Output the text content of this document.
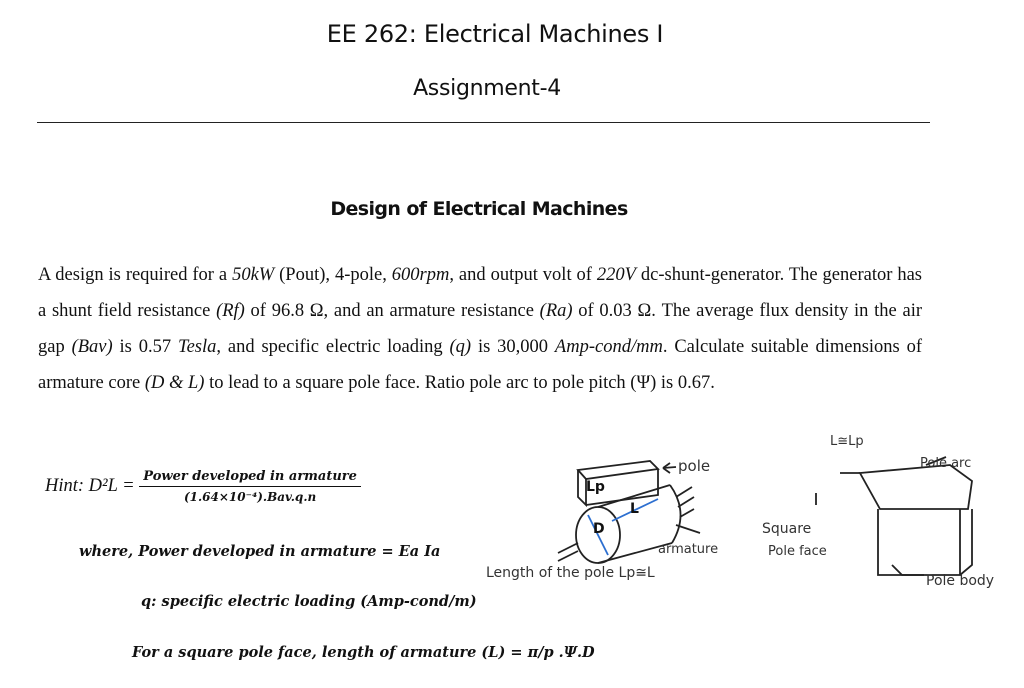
EE 262: Electrical Machines I
Assignment-4
Design of Electrical Machines

A design is required for a 50kW (Pout), 4-pole, 600rpm, and output volt of 220V dc-shunt-generator. The generator has a shunt field resistance (Rf) of 96.8 Ω, and an armature resistance (Ra) of 0.03 Ω. The average flux density in the air gap (Bav) is 0.57 Tesla, and specific electric loading (q) is 30,000 Amp-cond/mm. Calculate suitable dimensions of armature core (D & L) to lead to a square pole face. Ratio pole arc to pole pitch (Ψ) is 0.67.

Hint: $D^2L = \frac{\text{Power developed in armature}}{\text{(1.64×10⁻⁴).Bav.q.n}}$
where, Power developed in armature = Ea Ia
q: specific electric loading (Amp-cond/m)
For a square pole face, length of armature (L) = π/p .Ψ.D
Lp
pole
D
L
armature
Length of the pole Lp≅L
L≅Lp
Pole arc
Square
Pole face
Pole body
